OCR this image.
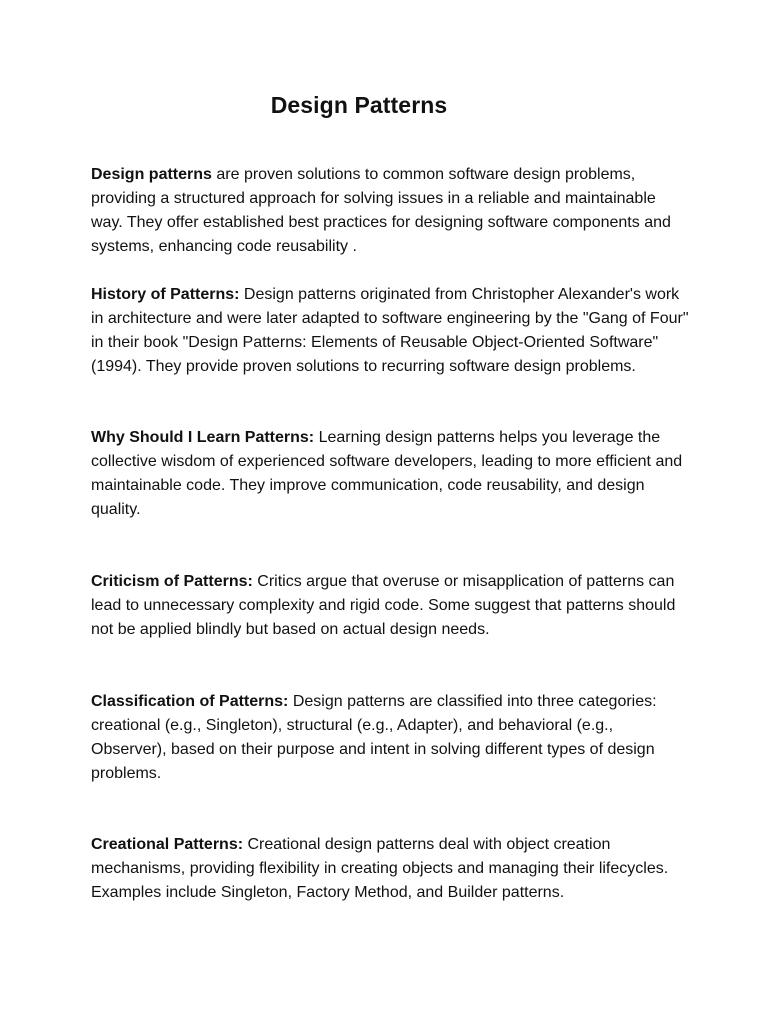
Design Patterns

Design patterns are proven solutions to common software design problems, providing a structured approach for solving issues in a reliable and maintainable way. They offer established best practices for designing software components and systems, enhancing code reusability .

History of Patterns: Design patterns originated from Christopher Alexander's work in architecture and were later adapted to software engineering by the "Gang of Four" in their book "Design Patterns: Elements of Reusable Object-Oriented Software" (1994). They provide proven solutions to recurring software design problems.

Why Should I Learn Patterns: Learning design patterns helps you leverage the collective wisdom of experienced software developers, leading to more efficient and maintainable code. They improve communication, code reusability, and design quality.

Criticism of Patterns: Critics argue that overuse or misapplication of patterns can lead to unnecessary complexity and rigid code. Some suggest that patterns should not be applied blindly but based on actual design needs.

Classification of Patterns: Design patterns are classified into three categories: creational (e.g., Singleton), structural (e.g., Adapter), and behavioral (e.g., Observer), based on their purpose and intent in solving different types of design problems.

Creational Patterns: Creational design patterns deal with object creation mechanisms, providing flexibility in creating objects and managing their lifecycles. Examples include Singleton, Factory Method, and Builder patterns.
